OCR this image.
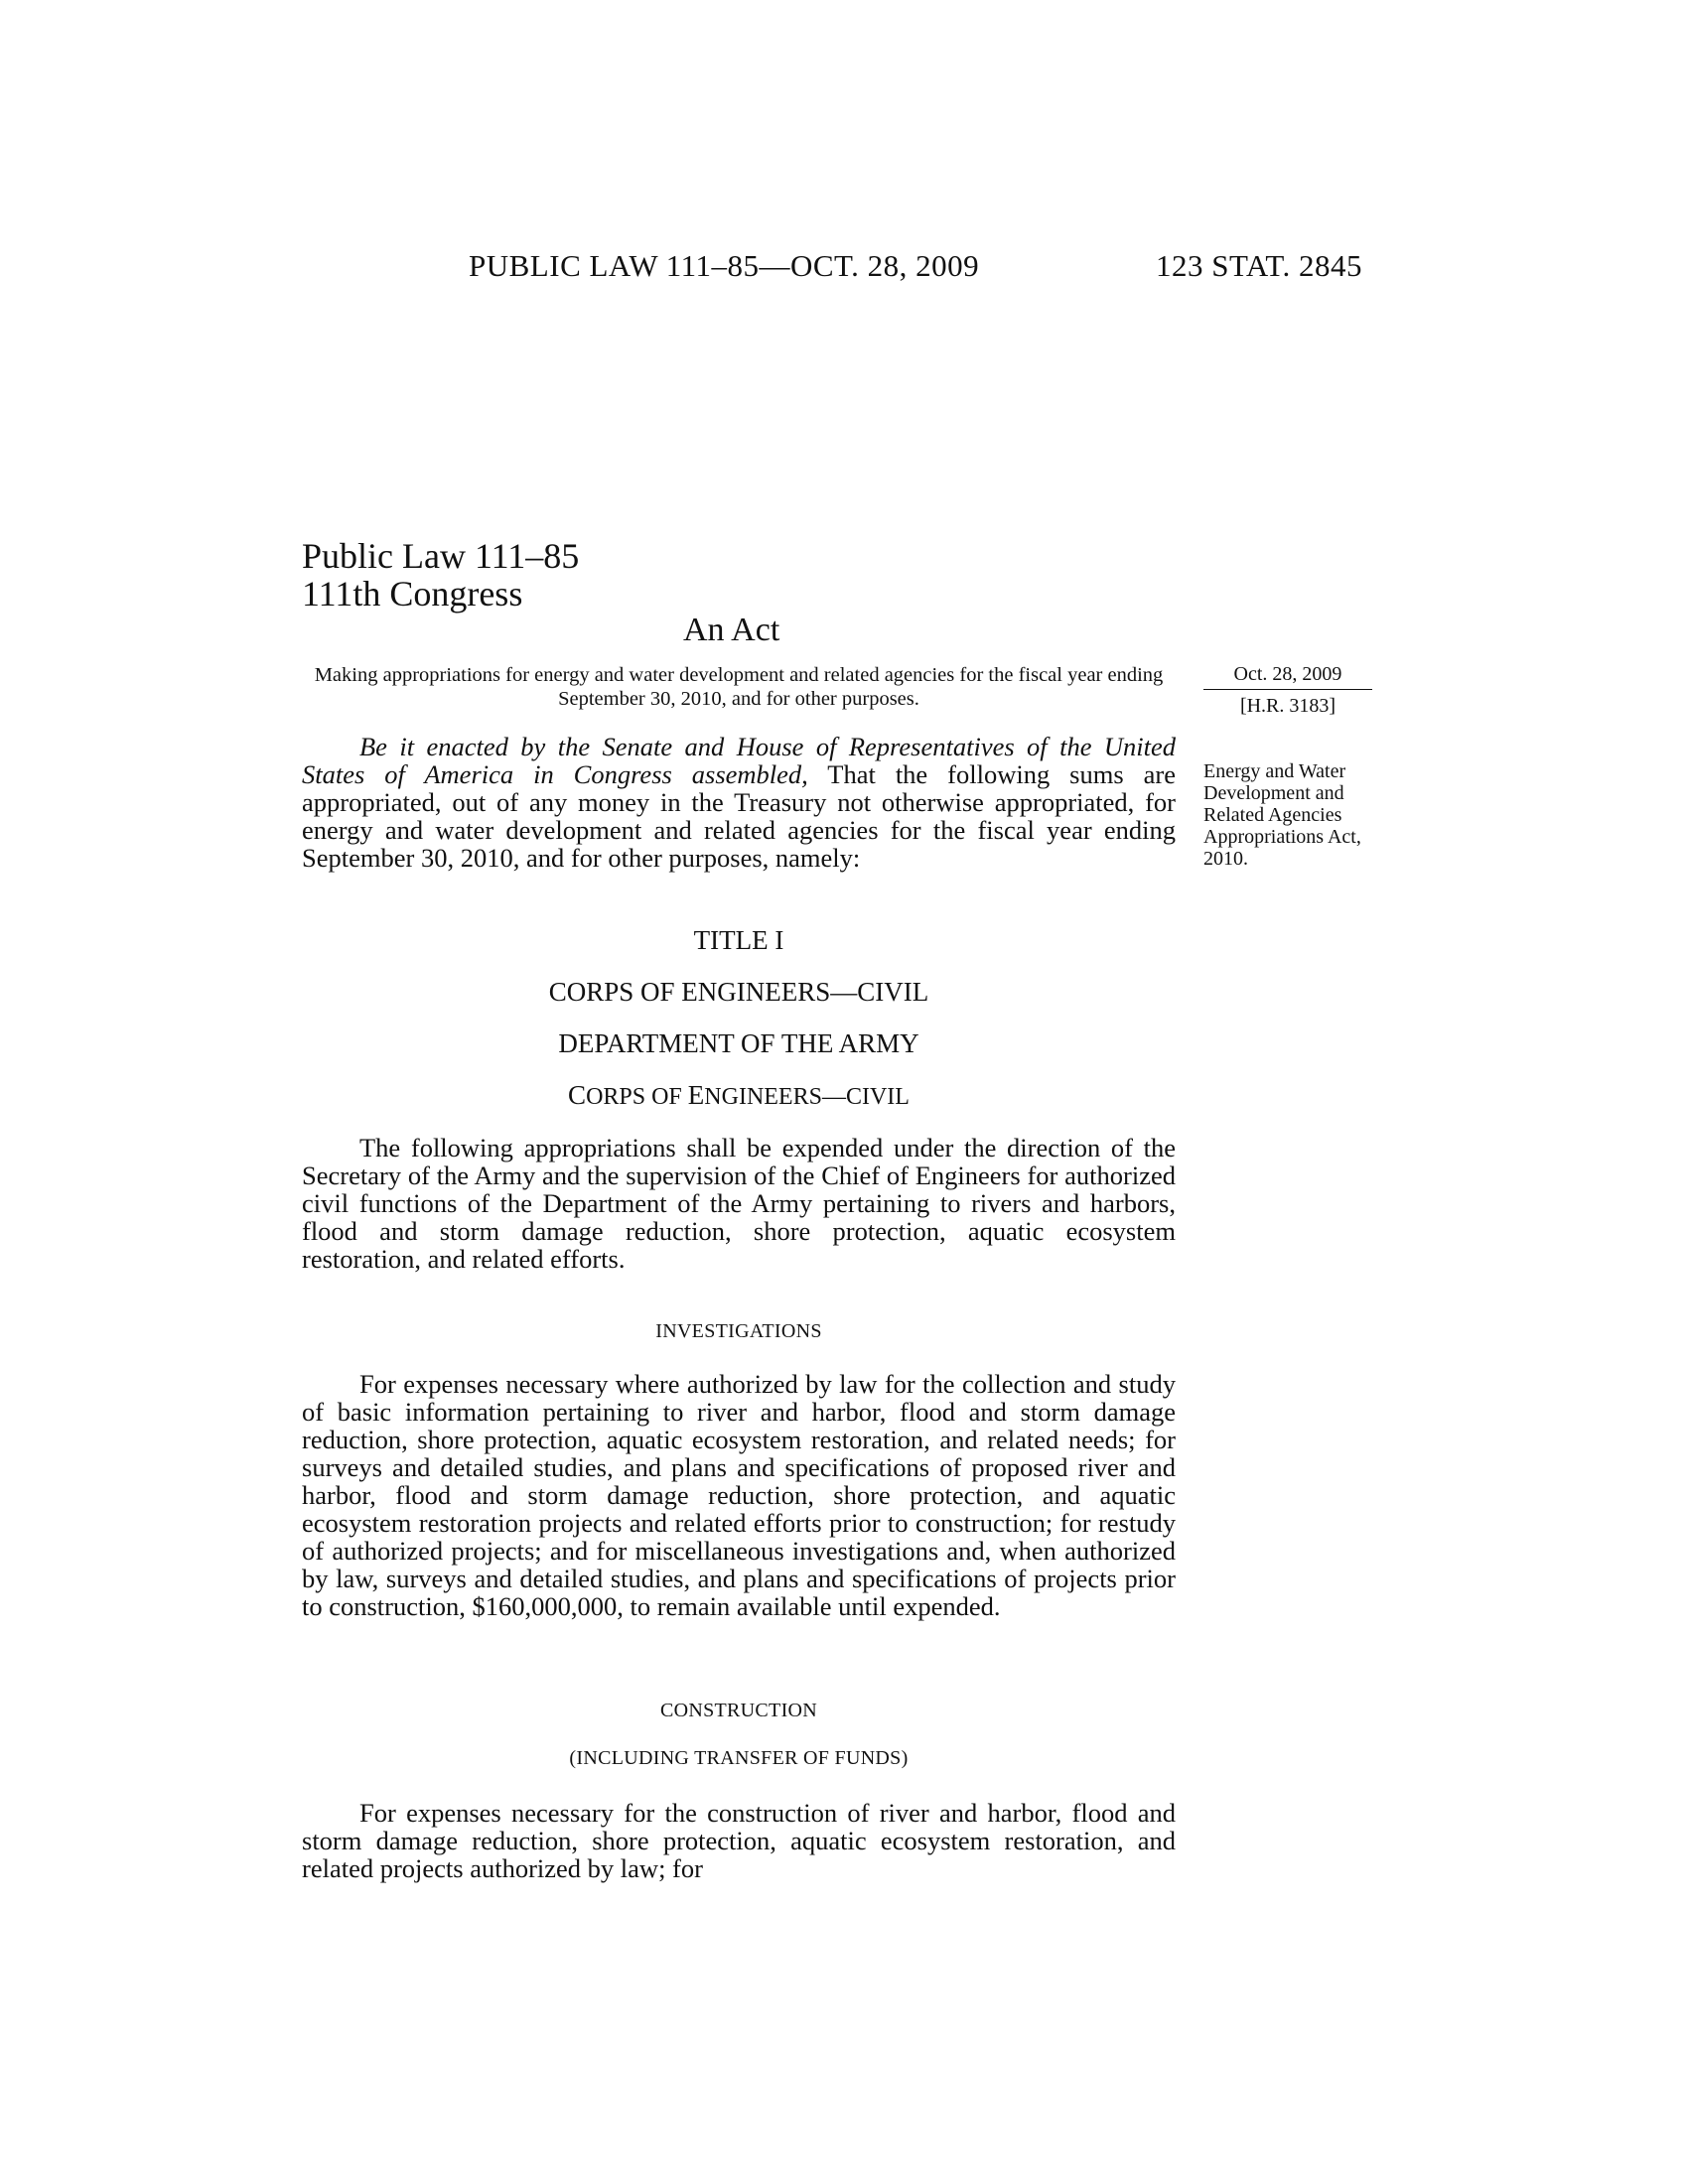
PUBLIC LAW 111–85—OCT. 28, 2009	123 STAT. 2845
Public Law 111–85
111th Congress
An Act
Making appropriations for energy and water development and related agencies for the fiscal year ending September 30, 2010, and for other purposes.
Oct. 28, 2009
[H.R. 3183]
Energy and Water Development and Related Agencies Appropriations Act, 2010.

Be it enacted by the Senate and House of Representatives of the United States of America in Congress assembled, That the following sums are appropriated, out of any money in the Treasury not otherwise appropriated, for energy and water development and related agencies for the fiscal year ending September 30, 2010, and for other purposes, namely:

TITLE I
CORPS OF ENGINEERS—CIVIL
DEPARTMENT OF THE ARMY
CORPS OF ENGINEERS—CIVIL

The following appropriations shall be expended under the direction of the Secretary of the Army and the supervision of the Chief of Engineers for authorized civil functions of the Department of the Army pertaining to rivers and harbors, flood and storm damage reduction, shore protection, aquatic ecosystem restoration, and related efforts.

INVESTIGATIONS

For expenses necessary where authorized by law for the collection and study of basic information pertaining to river and harbor, flood and storm damage reduction, shore protection, aquatic ecosystem restoration, and related needs; for surveys and detailed studies, and plans and specifications of proposed river and harbor, flood and storm damage reduction, shore protection, and aquatic ecosystem restoration projects and related efforts prior to construction; for restudy of authorized projects; and for miscellaneous investigations and, when authorized by law, surveys and detailed studies, and plans and specifications of projects prior to construction, $160,000,000, to remain available until expended.

CONSTRUCTION
(INCLUDING TRANSFER OF FUNDS)

For expenses necessary for the construction of river and harbor, flood and storm damage reduction, shore protection, aquatic ecosystem restoration, and related projects authorized by law; for
